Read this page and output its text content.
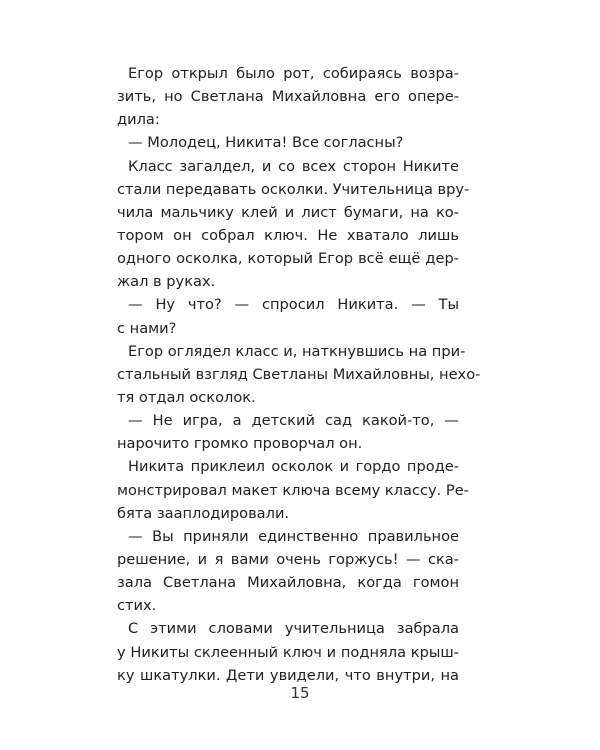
Егор открыл было рот, собираясь возра-
зить, но Светлана Михайловна его опере-
дила:
— Молодец, Никита! Все согласны?
Класс загалдел, и со всех сторон Никите
стали передавать осколки. Учительница вру-
чила мальчику клей и лист бумаги, на ко-
тором он собрал ключ. Не хватало лишь
одного осколка, который Егор всё ещё дер-
жал в руках.
— Ну что? — спросил Никита. — Ты
с нами?
Егор оглядел класс и, наткнувшись на при-
стальный взгляд Светланы Михайловны, нехо-
тя отдал осколок.
— Не игра, а детский сад какой-то, —
нарочито громко проворчал он.
Никита приклеил осколок и гордо проде-
монстрировал макет ключа всему классу. Ре-
бята зааплодировали.
— Вы приняли единственно правильное
решение, и я вами очень горжусь! — ска-
зала Светлана Михайловна, когда гомон
стих.
С этими словами учительница забрала
у Никиты склеенный ключ и подняла крыш-
ку шкатулки. Дети увидели, что внутри, на
15
